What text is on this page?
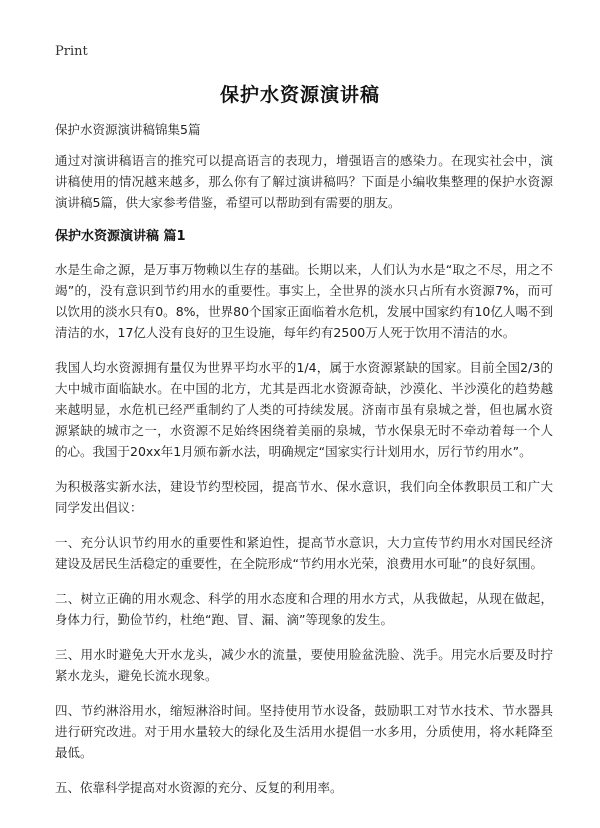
Print
保护水资源演讲稿
保护水资源演讲稿锦集5篇

通过对演讲稿语言的推究可以提高语言的表现力，增强语言的感染力。在现实社会中，演讲稿使用的情况越来越多，那么你有了解过演讲稿吗？下面是小编收集整理的保护水资源演讲稿5篇，供大家参考借鉴，希望可以帮助到有需要的朋友。

保护水资源演讲稿 篇1

水是生命之源，是万事万物赖以生存的基础。长期以来，人们认为水是“取之不尽，用之不竭”的，没有意识到节约用水的重要性。事实上，全世界的淡水只占所有水资源7%，而可以饮用的淡水只有0。8%，世界80个国家正面临着水危机，发展中国家约有10亿人喝不到清洁的水，17亿人没有良好的卫生设施，每年约有2500万人死于饮用不清洁的水。

我国人均水资源拥有量仅为世界平均水平的1/4，属于水资源紧缺的国家。目前全国2/3的大中城市面临缺水。在中国的北方，尤其是西北水资源奇缺，沙漠化、半沙漠化的趋势越来越明显，水危机已经严重制约了人类的可持续发展。济南市虽有泉城之誉，但也属水资源紧缺的城市之一，水资源不足始终困绕着美丽的泉城，节水保泉无时不牵动着每一个人的心。我国于20xx年1月颁布新水法，明确规定“国家实行计划用水，厉行节约用水”。

为积极落实新水法，建设节约型校园，提高节水、保水意识，我们向全体教职员工和广大同学发出倡议：

一、充分认识节约用水的重要性和紧迫性，提高节水意识，大力宣传节约用水对国民经济建设及居民生活稳定的重要性，在全院形成“节约用水光荣，浪费用水可耻”的良好氛围。

二、树立正确的用水观念、科学的用水态度和合理的用水方式，从我做起，从现在做起，身体力行，勤俭节约，杜绝“跑、冒、漏、滴”等现象的发生。

三、用水时避免大开水龙头，减少水的流量，要使用脸盆洗脸、洗手。用完水后要及时拧紧水龙头，避免长流水现象。

四、节约淋浴用水，缩短淋浴时间。坚持使用节水设备，鼓励职工对节水技术、节水器具进行研究改进。对于用水量较大的绿化及生活用水提倡一水多用，分质使用，将水耗降至最低。

五、依靠科学提高对水资源的充分、反复的利用率。
